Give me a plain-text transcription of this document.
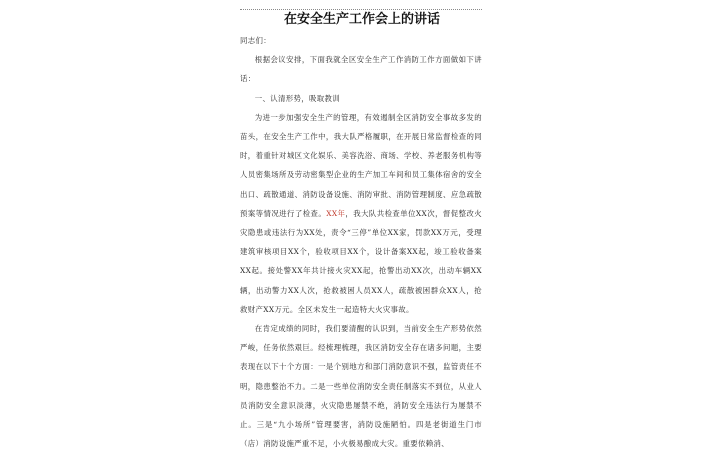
在安全生产工作会上的讲话

同志们：

根据会议安排，下面我就全区安全生产工作消防工作方面做如下讲话：

一、认清形势，吸取教训

为进一步加强安全生产的管理，有效遏制全区消防安全事故多发的苗头，在安全生产工作中，我大队严格履职，在开展日常监督检查的同时，着重针对城区文化娱乐、美容洗浴、商场、学校、养老服务机构等人员密集场所及劳动密集型企业的生产加工车间和员工集体宿舍的安全出口、疏散通道、消防设备设施、消防审批、消防管理制度、应急疏散预案等情况进行了检查。XX年，我大队共检查单位XX次，督促整改火灾隐患或违法行为XX处，责令“三停”单位XX家，罚款XX万元，受理建筑审核项目XX个，验收项目XX个，设计备案XX起，竣工验收备案XX起。接处警XX年共计接火灾XX起，抢警出动XX次，出动车辆XX辆，出动警力XX人次，抢救被困人员XX人，疏散被困群众XX人，抢救财产XX万元。全区未发生一起造特大火灾事故。

在肯定成绩的同时，我们要清醒的认识到，当前安全生产形势依然严峻，任务依然艰巨。经梳理梳理，我区消防安全存在诸多问题，主要表现在以下十个方面：一是个别地方和部门消防意识不强，监管责任不明，隐患整治不力。二是一些单位消防安全责任制落实不到位，从业人员消防安全意识淡薄，火灾隐患屡禁不绝，消防安全违法行为屡禁不止。三是“九小场所”管理要害，消防设施陋怕。四是老街道生门市（店）消防设施严重不足，小火极易酿成大灾。重要依赖消、
